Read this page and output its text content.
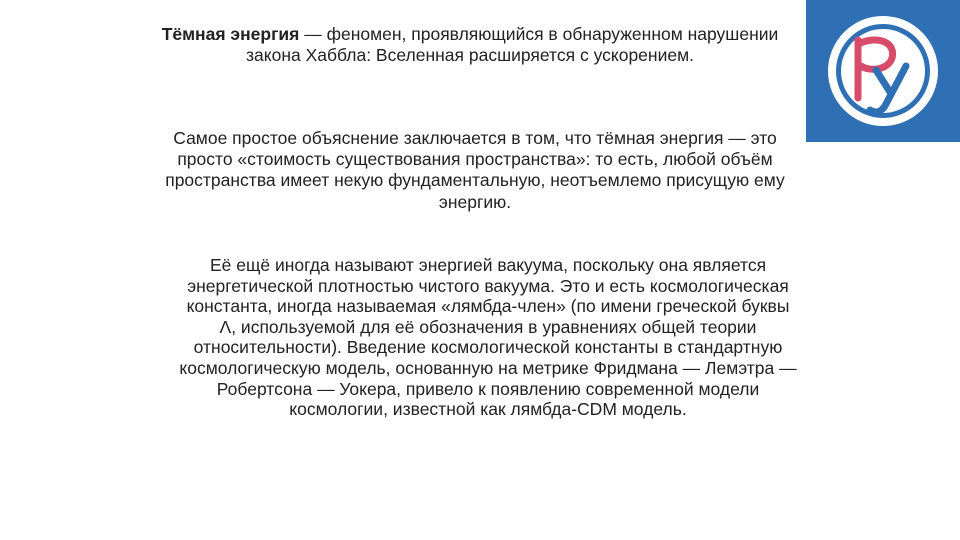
Тёмная энергия — феномен, проявляющийся в обнаруженном нарушении закона Хаббла: Вселенная расширяется с ускорением.

Самое простое объяснение заключается в том, что тёмная энергия — это просто «стоимость существования пространства»: то есть, любой объём пространства имеет некую фундаментальную, неотъемлемо присущую ему энергию.

Её ещё иногда называют энергией вакуума, поскольку она является энергетической плотностью чистого вакуума. Это и есть космологическая константа, иногда называемая «лямбда-член» (по имени греческой буквы Λ, используемой для её обозначения в уравнениях общей теории относительности). Введение космологической константы в стандартную космологическую модель, основанную на метрике Фридмана — Лемэтра — Робертсона — Уокера, привело к появлению современной модели космологии, известной как лямбда-CDM модель.
